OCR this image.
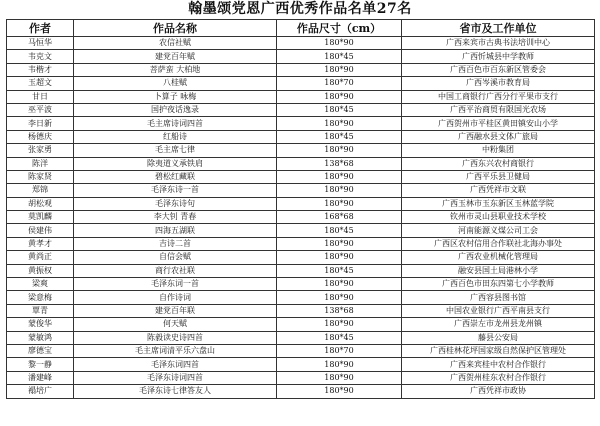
翰墨颂党恩广西优秀作品名单27名
作者	作品名称	作品尺寸（cm）	省市及工作单位
马恒华	农信社赋	180*90	广西来宾市古典书法培训中心
韦克文	建党百年赋	180*45	广西忻城县中学教师
韦楷才	菩萨蛮 大柏地	180*90	广西百色市百东新区管委会
玉超文	八桂赋	180*70	广西岑溪市教育局
甘日	卜算子 咏梅	180*90	中国工商银行广西分行平果市支行
巫平波	国护夜话逸录	180*45	广西平治商贸有限国光农场
李日新	毛主席诗词四首	180*90	广西贺州市平桂区黄田镇安山小学
杨德庆	红船诗	180*45	广西融水县文体广旅局
张家勇	毛主席七律	180*90	中粉集团
陈洋	除夷道义承铁肩	138*68	广西东兴农村商银行
陈家贤	碧松红藏联	180*90	广西平乐县卫健局
郑锦	毛泽东诗一首	180*90	广西凭祥市文联
胡松观	毛泽东诗句	180*90	广西玉林市玉东新区玉林蓝学院
莫凯麟	李大钊 青春	168*68	钦州市灵山县职业技术学校
侯建伟	四海五湖联	180*45	河南能源义煤公司工会
黄孝才	吉诗二首	180*90	广西区农村信用合作联社北海办事处
黄尚正	自信会赋	180*90	广西农业机械化管理局
黄振权	商行农社联	180*45	融安县国土局港林小学
梁爽	毛泽东词一首	180*90	广西百色市田东四第七小学教师
梁意梅	自作诗词	180*90	广西容县图书馆
覃青	建党百年联	138*68	中国农业银行广西平南县支行
蒙俊华	何天赋	180*90	广西崇左市龙州县龙州镇
蒙敏鸿	陈毅读史诗四首	180*45	藤县公安局
廖德宝	毛主席词清平乐六盘山	180*70	广西桂林花坪国家级自然保护区管理处
黎一静	毛泽东词四首	180*90	广西来宾桂中农村合作银行
潘建峰	毛泽东诗词四首	180*90	广西贺州桂东农村合作银行
褟培广	毛泽东诗七律答友人	180*90	广西凭祥市政协
